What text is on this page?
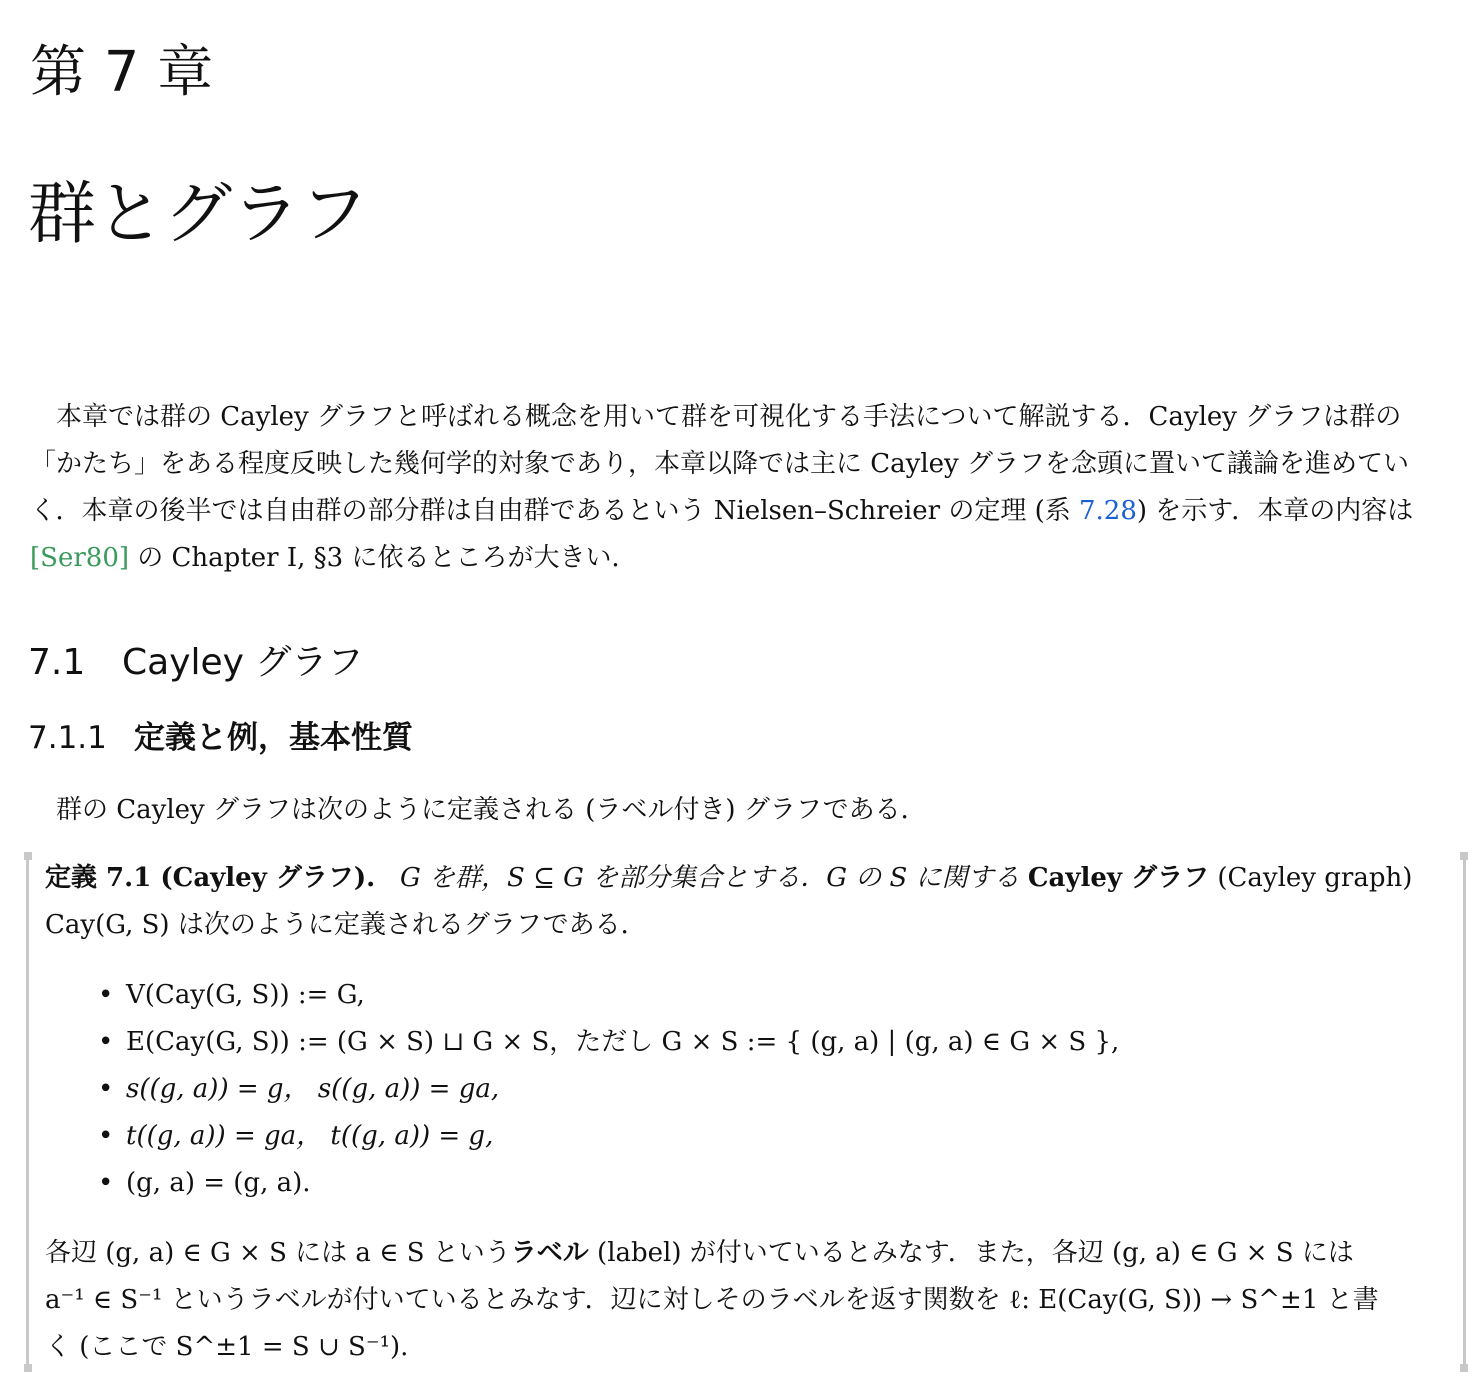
第 7 章
群とグラフ
本章では群の Cayley グラフと呼ばれる概念を用いて群を可視化する手法について解説する．Cayley グラフは群の
「かたち」をある程度反映した幾何学的対象であり，本章以降では主に Cayley グラフを念頭に置いて議論を進めてい
く．本章の後半では自由群の部分群は自由群であるという Nielsen–Schreier の定理 (系 7.28) を示す．本章の内容は
[Ser80] の Chapter I, §3 に依るところが大きい．
7.1 Cayley グラフ
7.1.1 定義と例，基本性質
群の Cayley グラフは次のように定義される (ラベル付き) グラフである．
定義 7.1 (Cayley グラフ). G を群，S ⊆ G を部分集合とする．G の S に関する Cayley グラフ (Cayley graph)
Cay(G, S) は次のように定義されるグラフである．
• V(Cay(G, S)) := G,
• E(Cay(G, S)) := (G × S) ⊔ G × S，ただし G × S := { (g, a) | (g, a) ∈ G × S },
• s((g, a)) = g， s((g, a)) = ga,
• t((g, a)) = ga， t((g, a)) = g,
• (g, a) = (g, a).
各辺 (g, a) ∈ G × S には a ∈ S というラベル (label) が付いているとみなす．また，各辺 (g, a) ∈ G × S には
a⁻¹ ∈ S⁻¹ というラベルが付いているとみなす．辺に対しそのラベルを返す関数を ℓ: E(Cay(G, S)) → S^±1 と書
く (ここで S^±1 = S ∪ S⁻¹).
